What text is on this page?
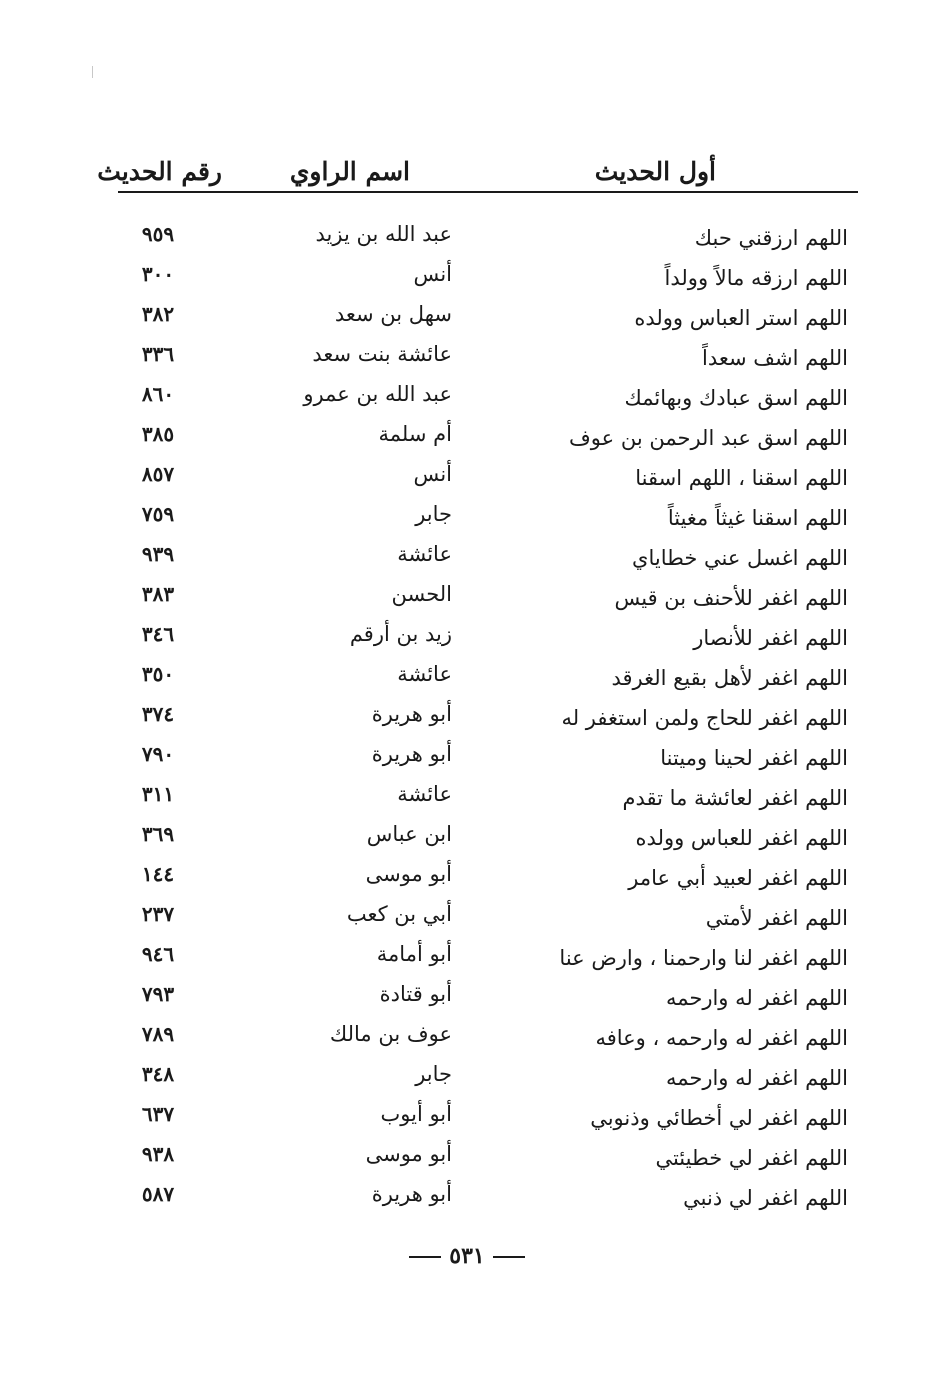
أول الحديث
اسم الراوي
رقم الحديث
اللهم ارزقني حبك
عبد الله بن يزيد
٩٥٩
اللهم ارزقه مالاً وولداً
أنس
٣٠٠
اللهم استر العباس وولده
سهل بن سعد
٣٨٢
اللهم اشف سعداً
عائشة بنت سعد
٣٣٦
اللهم اسق عبادك وبهائمك
عبد الله بن عمرو
٨٦٠
اللهم اسق عبد الرحمن بن عوف
أم سلمة
٣٨٥
اللهم اسقنا ، اللهم اسقنا
أنس
٨٥٧
اللهم اسقنا غيثاً مغيثاً
جابر
٧٥٩
اللهم اغسل عني خطاياي
عائشة
٩٣٩
اللهم اغفر للأحنف بن قيس
الحسن
٣٨٣
اللهم اغفر للأنصار
زيد بن أرقم
٣٤٦
اللهم اغفر لأهل بقيع الغرقد
عائشة
٣٥٠
اللهم اغفر للحاج ولمن استغفر له
أبو هريرة
٣٧٤
اللهم اغفر لحينا وميتنا
أبو هريرة
٧٩٠
اللهم اغفر لعائشة ما تقدم
عائشة
٣١١
اللهم اغفر للعباس وولده
ابن عباس
٣٦٩
اللهم اغفر لعبيد أبي عامر
أبو موسى
١٤٤
اللهم اغفر لأمتي
أبي بن كعب
٢٣٧
اللهم اغفر لنا وارحمنا ، وارض عنا
أبو أمامة
٩٤٦
اللهم اغفر له وارحمه
أبو قتادة
٧٩٣
اللهم اغفر له وارحمه ، وعافه
عوف بن مالك
٧٨٩
اللهم اغفر له وارحمه
جابر
٣٤٨
اللهم اغفر لي أخطائي وذنوبي
أبو أيوب
٦٣٧
اللهم اغفر لي خطيئتي
أبو موسى
٩٣٨
اللهم اغفر لي ذنبي
أبو هريرة
٥٨٧
٥٣١
